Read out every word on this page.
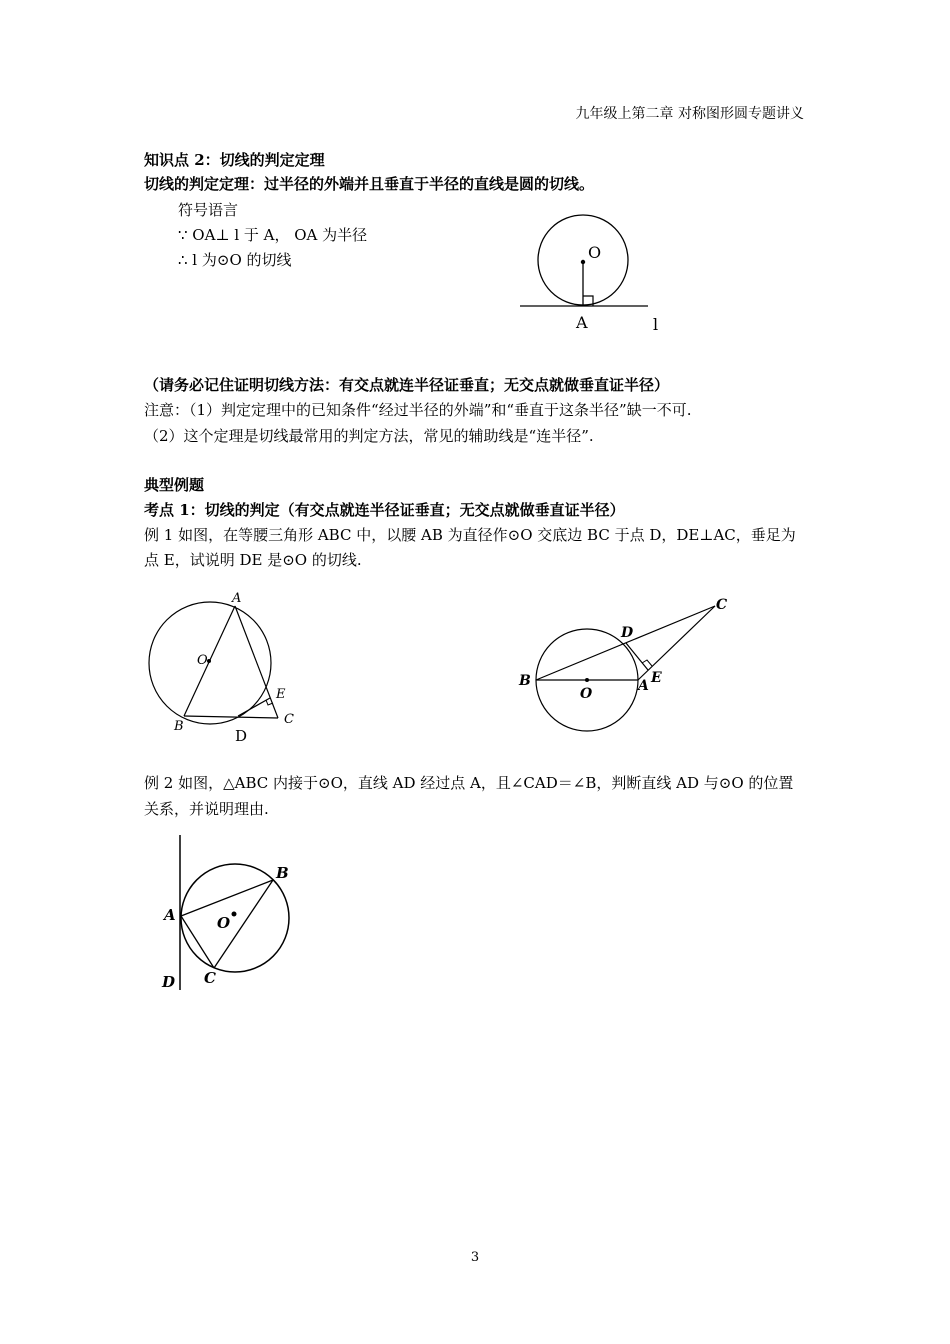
九年级上第二章 对称图形圆专题讲义
知识点 2：切线的判定定理
切线的判定定理：过半径的外端并且垂直于半径的直线是圆的切线。
符号语言
∵ OA⊥ l 于 A， OA 为半径
∴ l 为⊙O 的切线	O
A	l
（请务必记住证明切线方法：有交点就连半径证垂直；无交点就做垂直证半径）
注意：（1）判定定理中的已知条件“经过半径的外端”和“垂直于这条半径”缺一不可.
（2）这个定理是切线最常用的判定方法，常见的辅助线是“连半径”.
典型例题
考点 1：切线的判定（有交点就连半径证垂直；无交点就做垂直证半径）
例 1 如图，在等腰三角形 ABC 中，以腰 AB 为直径作⊙O 交底边 BC 于点 D，DE⊥AC，垂足为
点 E，试说明 DE 是⊙O 的切线.
A
O
B
E
C
D
C
D
B
O	A E
例 2 如图，△ABC 内接于⊙O，直线 AD 经过点 A，且∠CAD＝∠B，判断直线 AD 与⊙O 的位置
关系，并说明理由.
B
A	O
C
D
3
